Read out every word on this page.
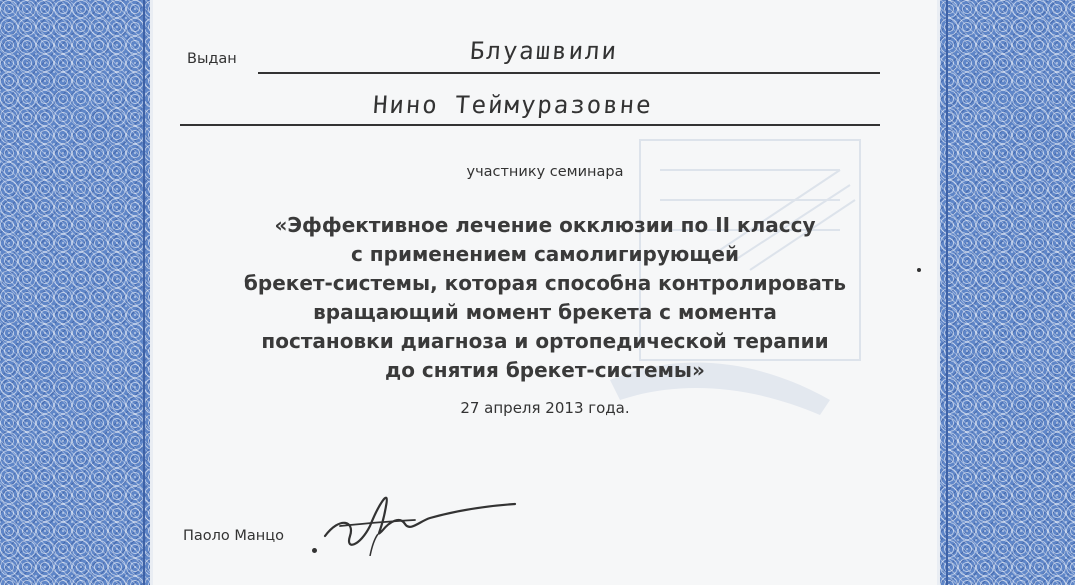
Выдан	Блуашвили
Нино Теймуразовне
участнику семинара
«Эффективное лечение окклюзии по II классу
с применением самолигирующей
брекет-системы, которая способна контролировать
вращающий момент брекета с момента
постановки диагноза и ортопедической терапии
до снятия брекет-системы»
27 апреля 2013 года.
Паоло Манцо
